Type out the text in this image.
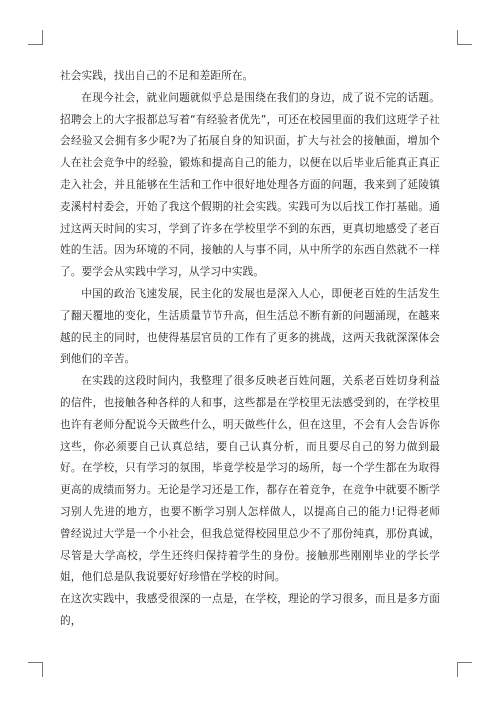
社会实践，找出自己的不足和差距所在。

在现今社会，就业问题就似乎总是围绕在我们的身边，成了说不完的话题。招聘会上的大字报都总写着“有经验者优先”，可还在校园里面的我们这班学子社会经验又会拥有多少呢?为了拓展自身的知识面，扩大与社会的接触面，增加个人在社会竞争中的经验，锻炼和提高自己的能力，以便在以后毕业后能真正真正走入社会，并且能够在生活和工作中很好地处理各方面的问题，我来到了延陵镇麦溪村村委会，开始了我这个假期的社会实践。实践可为以后找工作打基础。通过这两天时间的实习，学到了许多在学校里学不到的东西，更真切地感受了老百姓的生活。因为环境的不同，接触的人与事不同，从中所学的东西自然就不一样了。要学会从实践中学习，从学习中实践。

中国的政治飞速发展，民主化的发展也是深入人心，即便老百姓的生活发生了翻天覆地的变化，生活质量节节升高，但生活总不断有新的问题涌现，在越来越的民主的同时，也使得基层官员的工作有了更多的挑战，这两天我就深深体会到他们的辛苦。

在实践的这段时间内，我整理了很多反映老百姓问题，关系老百姓切身利益的信件，也接触各种各样的人和事，这些都是在学校里无法感受到的，在学校里也许有老师分配说今天做些什么，明天做些什么，但在这里，不会有人会告诉你这些，你必须要自己认真总结，要自己认真分析，而且要尽自己的努力做到最好。在学校，只有学习的氛围，毕竟学校是学习的场所，每一个学生都在为取得更高的成绩而努力。无论是学习还是工作，都存在着竞争，在竞争中就要不断学习别人先进的地方，也要不断学习别人怎样做人，以提高自己的能力!记得老师曾经说过大学是一个小社会，但我总觉得校园里总少不了那份纯真，那份真诚，尽管是大学高校，学生还终归保持着学生的身份。接触那些刚刚毕业的学长学姐，他们总是队我说要好好珍惜在学校的时间。

在这次实践中，我感受很深的一点是，在学校，理论的学习很多，而且是多方面的，
